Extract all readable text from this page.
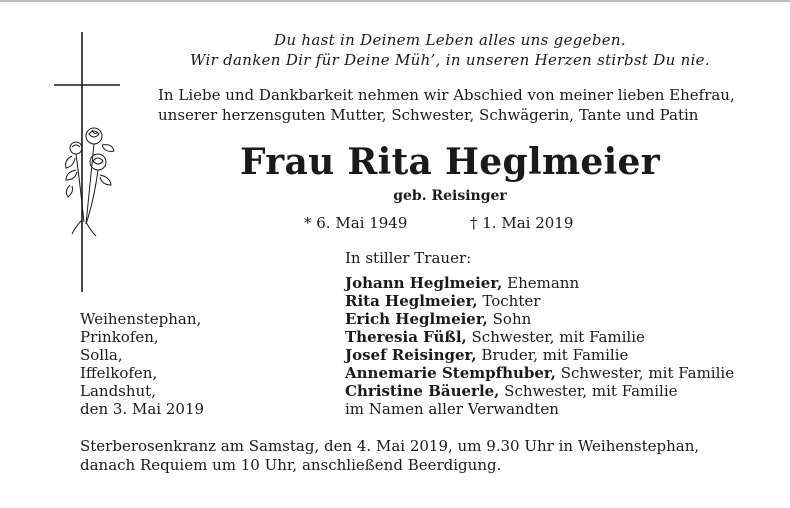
Du hast in Deinem Leben alles uns gegeben.
Wir danken Dir für Deine Müh’, in unseren Herzen stirbst Du nie.
In Liebe und Dankbarkeit nehmen wir Abschied von meiner lieben Ehefrau,
unserer herzensguten Mutter, Schwester, Schwägerin, Tante und Patin
Frau Rita Heglmeier
geb. Reisinger
* 6. Mai 1949	† 1. Mai 2019
In stiller Trauer:
Johann Heglmeier, Ehemann
Rita Heglmeier, Tochter
Erich Heglmeier, Sohn
Theresia Füßl, Schwester, mit Familie
Josef Reisinger, Bruder, mit Familie
Annemarie Stempfhuber, Schwester, mit Familie
Christine Bäuerle, Schwester, mit Familie
im Namen aller Verwandten
Weihenstephan,
Prinkofen,
Solla,
Iffelkofen,
Landshut,
den 3. Mai 2019
Sterberosenkranz am Samstag, den 4. Mai 2019, um 9.30 Uhr in Weihenstephan,
danach Requiem um 10 Uhr, anschließend Beerdigung.
